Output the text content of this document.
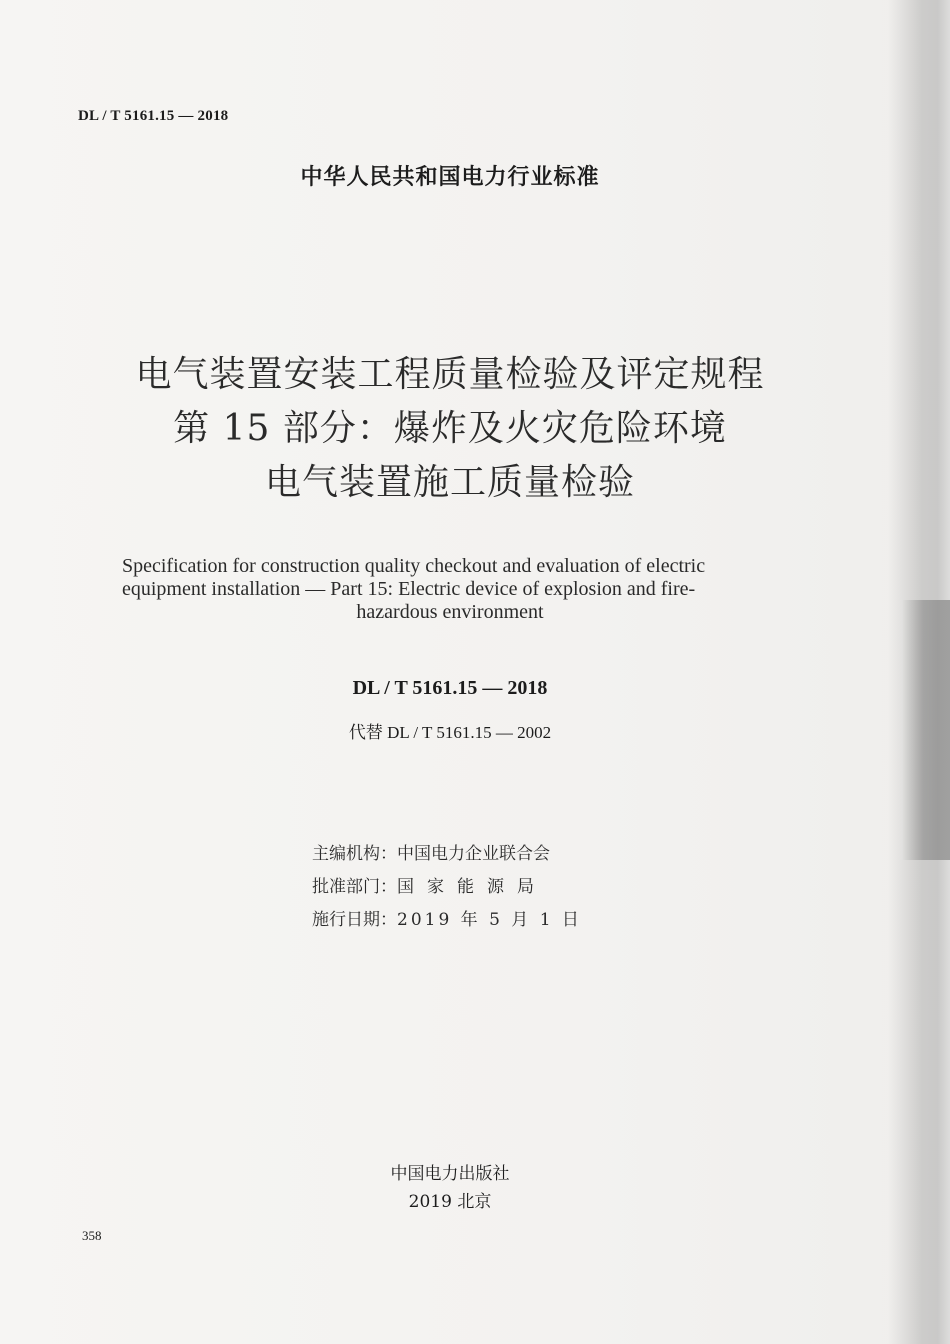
DL / T 5161.15 — 2018
中华人民共和国电力行业标准
电气装置安装工程质量检验及评定规程
第 15 部分：爆炸及火灾危险环境
电气装置施工质量检验
Specification for construction quality checkout and evaluation of electric
equipment installation — Part 15: Electric device of explosion and fire-
hazardous environment
DL / T 5161.15 — 2018
代替 DL / T 5161.15 — 2002
主编机构：中国电力企业联合会
批准部门：国家能源局
施行日期：2019 年 5 月 1 日
中国电力出版社
2019 北京
358
